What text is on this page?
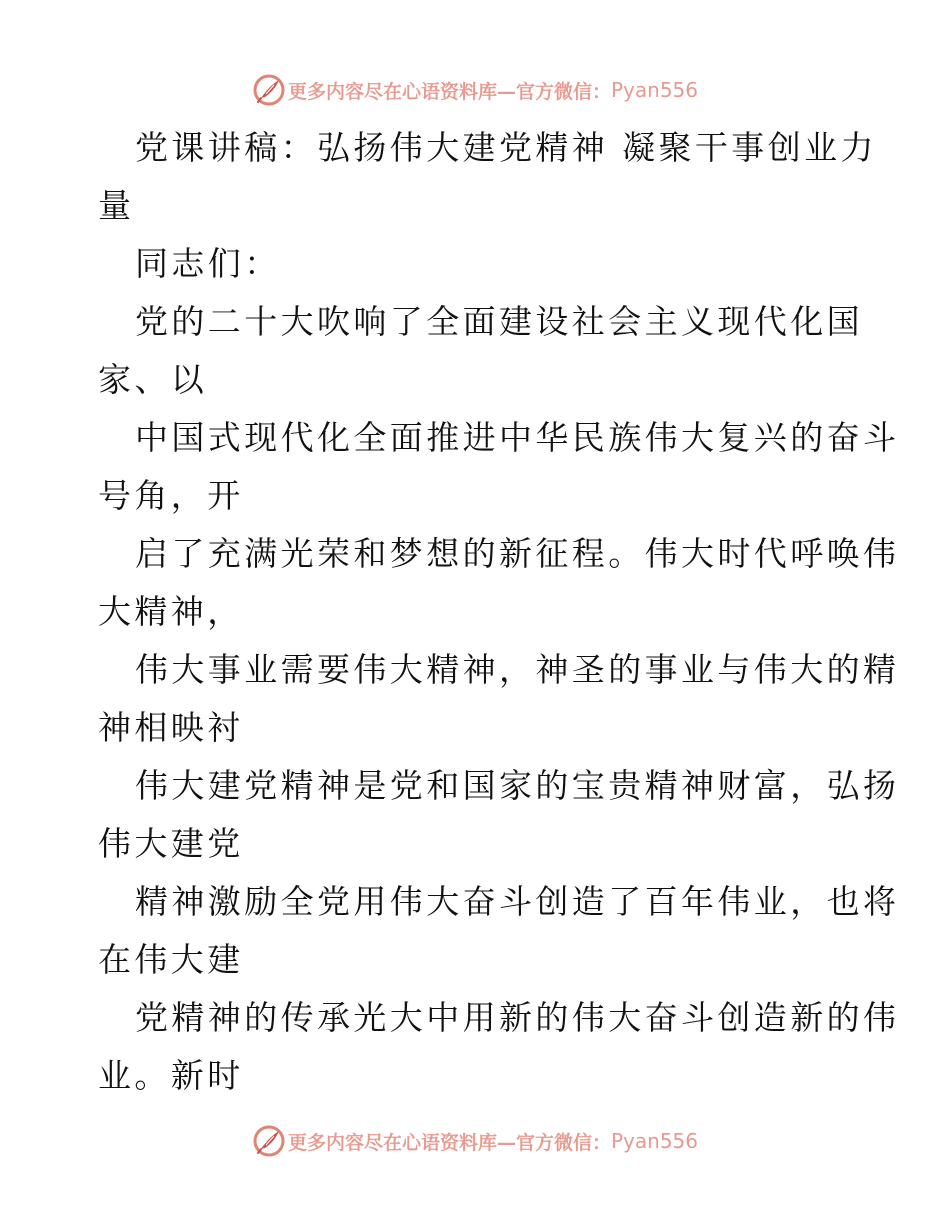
更多内容尽在心语资料库—官方微信： Pyan556
党课讲稿：弘扬伟大建党精神 凝聚干事创业力
量
同志们：
党的二十大吹响了全面建设社会主义现代化国
家、以
中国式现代化全面推进中华民族伟大复兴的奋斗
号角，开
启了充满光荣和梦想的新征程。伟大时代呼唤伟
大精神，
伟大事业需要伟大精神，神圣的事业与伟大的精
神相映衬
伟大建党精神是党和国家的宝贵精神财富，弘扬
伟大建党
精神激励全党用伟大奋斗创造了百年伟业，也将
在伟大建
党精神的传承光大中用新的伟大奋斗创造新的伟
业。新时
更多内容尽在心语资料库—官方微信： Pyan556
